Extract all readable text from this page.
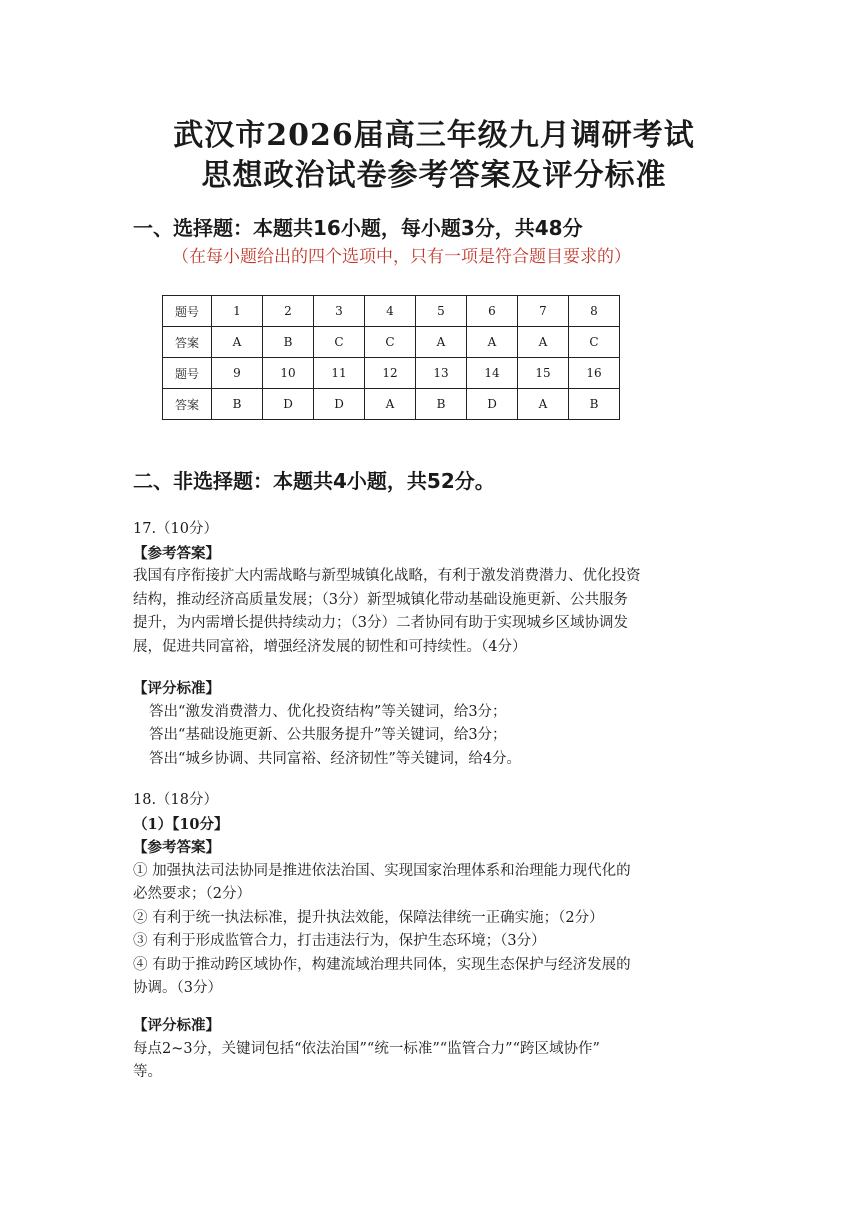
武汉市2026届高三年级九月调研考试
思想政治试卷参考答案及评分标准
一、选择题：本题共16小题，每小题3分，共48分
（在每小题给出的四个选项中，只有一项是符合题目要求的）
题号	1	2	3	4	5	6	7	8
答案	A	B	C	C	A	A	A	C
题号	9	10	11	12	13	14	15	16
答案	B	D	D	A	B	D	A	B
二、非选择题：本题共4小题，共52分。
17.（10分）
【参考答案】
我国有序衔接扩大内需战略与新型城镇化战略，有利于激发消费潜力、优化投资
结构，推动经济高质量发展；（3分）新型城镇化带动基础设施更新、公共服务
提升，为内需增长提供持续动力；（3分）二者协同有助于实现城乡区域协调发
展，促进共同富裕，增强经济发展的韧性和可持续性。（4分）
【评分标准】
答出“激发消费潜力、优化投资结构”等关键词，给3分；
答出“基础设施更新、公共服务提升”等关键词，给3分；
答出“城乡协调、共同富裕、经济韧性”等关键词，给4分。
18.（18分）
（1）【10分】
【参考答案】
① 加强执法司法协同是推进依法治国、实现国家治理体系和治理能力现代化的
必然要求；（2分）
② 有利于统一执法标准，提升执法效能，保障法律统一正确实施；（2分）
③ 有利于形成监管合力，打击违法行为，保护生态环境；（3分）
④ 有助于推动跨区域协作，构建流域治理共同体，实现生态保护与经济发展的
协调。（3分）
【评分标准】
每点2~3分，关键词包括“依法治国”“统一标准”“监管合力”“跨区域协作”
等。
